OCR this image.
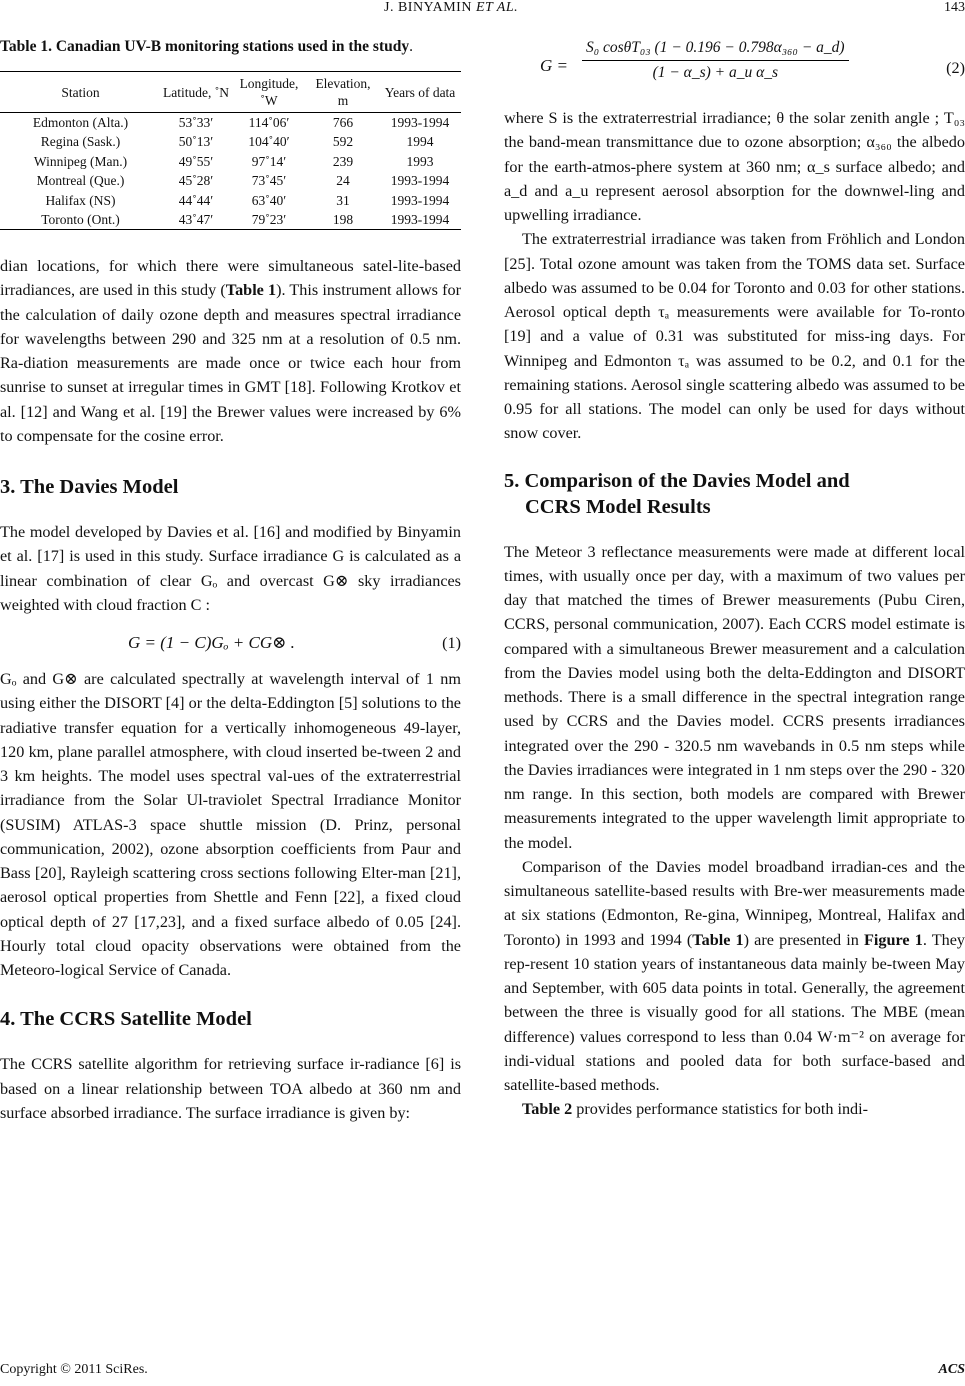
J. BINYAMIN ET AL.	143
Table 1. Canadian UV-B monitoring stations used in the study.
Station	Latitude, ˚N	Longitude, ˚W	Elevation, m	Years of data
Edmonton (Alta.)	53˚33′	114˚06′	766	1993-1994
Regina (Sask.)	50˚13′	104˚40′	592	1994
Winnipeg (Man.)	49˚55′	97˚14′	239	1993
Montreal (Que.)	45˚28′	73˚45′	24	1993-1994
Halifax (NS)	44˚44′	63˚40′	31	1993-1994
Toronto (Ont.)	43˚47′	79˚23′	198	1993-1994

dian locations, for which there were simultaneous satel-lite-based irradiances, are used in this study (Table 1). This instrument allows for the calculation of daily ozone depth and measures spectral irradiance for wavelengths between 290 and 325 nm at a resolution of 0.5 nm. Ra-diation measurements are made once or twice each hour from sunrise to sunset at irregular times in GMT [18]. Following Krotkov et al. [12] and Wang et al. [19] the Brewer values were increased by 6% to compensate for the cosine error.

3. The Davies Model

The model developed by Davies et al. [16] and modified by Binyamin et al. [17] is used in this study. Surface irradiance G is calculated as a linear combination of clear Gₒ and overcast G⊗ sky irradiances weighted with cloud fraction C :

G = (1 − C)Gₒ + CG⊗ .	(1)

Gₒ and G⊗ are calculated spectrally at wavelength interval of 1 nm using either the DISORT [4] or the delta-Eddington [5] solutions to the radiative transfer equation for a vertically inhomogeneous 49-layer, 120 km, plane parallel atmosphere, with cloud inserted be-tween 2 and 3 km heights. The model uses spectral val-ues of the extraterrestrial irradiance from the Solar Ul-traviolet Spectral Irradiance Monitor (SUSIM) ATLAS-3 space shuttle mission (D. Prinz, personal communication, 2002), ozone absorption coefficients from Paur and Bass [20], Rayleigh scattering cross sections following Elter-man [21], aerosol optical properties from Shettle and Fenn [22], a fixed cloud optical depth of 27 [17,23], and a fixed surface albedo of 0.05 [24]. Hourly total cloud opacity observations were obtained from the Meteoro-logical Service of Canada.

4. The CCRS Satellite Model

The CCRS satellite algorithm for retrieving surface ir-radiance [6] is based on a linear relationship between TOA albedo at 360 nm and surface absorbed irradiance. The surface irradiance is given by:

$G = \frac{\text{S₀ cosθT₀₃ (1 − 0.196 − 0.798α₃₆₀ − a\_d)}}{\text{(1 − α\_s) + a\_u α\_s}}$	(2)

where S is the extraterrestrial irradiance; θ the solar zenith angle ; T₀₃ the band-mean transmittance due to ozone absorption; α₃₆₀ the albedo for the earth-atmos-phere system at 360 nm; α_s surface albedo; and a_d and a_u represent aerosol absorption for the downwel-ling and upwelling irradiance.

The extraterrestrial irradiance was taken from Fröhlich and London [25]. Total ozone amount was taken from the TOMS data set. Surface albedo was assumed to be 0.04 for Toronto and 0.03 for other stations. Aerosol optical depth τₐ measurements were available for To-ronto [19] and a value of 0.31 was substituted for miss-ing days. For Winnipeg and Edmonton τₐ was assumed to be 0.2, and 0.1 for the remaining stations. Aerosol single scattering albedo was assumed to be 0.95 for all stations. The model can only be used for days without snow cover.

5. Comparison of the Davies Model and
CCRS Model Results

The Meteor 3 reflectance measurements were made at different local times, with usually once per day, with a maximum of two values per day that matched the times of Brewer measurements (Pubu Ciren, CCRS, personal communication, 2007). Each CCRS model estimate is compared with a simultaneous Brewer measurement and a calculation from the Davies model using both the delta-Eddington and DISORT methods. There is a small difference in the spectral integration range used by CCRS and the Davies model. CCRS presents irradiances integrated over the 290 - 320.5 nm wavebands in 0.5 nm steps while the Davies irradiances were integrated in 1 nm steps over the 290 - 320 nm range. In this section, both models are compared with Brewer measurements integrated to the upper wavelength limit appropriate to the model.

Comparison of the Davies model broadband irradian-ces and the simultaneous satellite-based results with Bre-wer measurements made at six stations (Edmonton, Re-gina, Winnipeg, Montreal, Halifax and Toronto) in 1993 and 1994 (Table 1) are presented in Figure 1. They rep-resent 10 station years of instantaneous data mainly be-tween May and September, with 605 data points in total. Generally, the agreement between the three is visually good for all stations. The MBE (mean difference) values correspond to less than 0.04 W·m⁻² on average for indi-vidual stations and pooled data for both surface-based and satellite-based methods.

Table 2 provides performance statistics for both indi-

Copyright © 2011 SciRes.	ACS
